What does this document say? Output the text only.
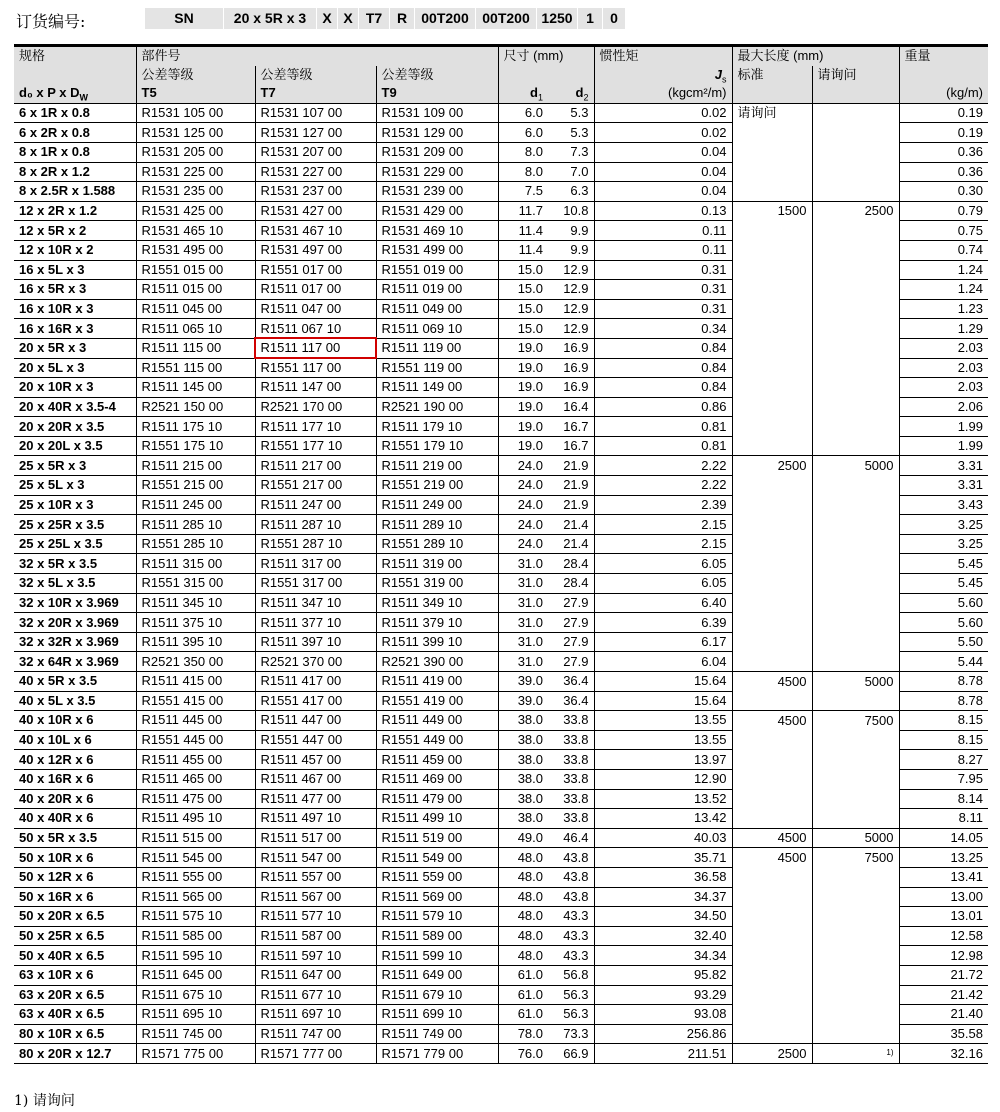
订货编号:	SN	20 x 5R x 3	X X T7	R	00T200 00T200 1250 1	0
规格	部件号			尺寸 (mm)		惯性矩	最大长度 (mm)		重量
	公差等级	公差等级	公差等级			$J_s$	标准	请询问	
d₀ x P x $D_W$	T5	T7	T9	$d_1$	$d_2$	(kgcm²/m)			(kg/m)
6 x 1R x 0.8	R1531 105 00	R1531 107 00	R1531 109 00	6.0	5.3	0.02	请询问		0.19
6 x 2R x 0.8	R1531 125 00	R1531 127 00	R1531 129 00	6.0	5.3	0.02			0.19
8 x 1R x 0.8	R1531 205 00	R1531 207 00	R1531 209 00	8.0	7.3	0.04			0.36
8 x 2R x 1.2	R1531 225 00	R1531 227 00	R1531 229 00	8.0	7.0	0.04			0.36
8 x 2.5R x 1.588	R1531 235 00	R1531 237 00	R1531 239 00	7.5	6.3	0.04			0.30
12 x 2R x 1.2	R1531 425 00	R1531 427 00	R1531 429 00	11.7	10.8	0.13	1500	2500	0.79
12 x 5R x 2	R1531 465 10	R1531 467 10	R1531 469 10	11.4	9.9	0.11			0.75
12 x 10R x 2	R1531 495 00	R1531 497 00	R1531 499 00	11.4	9.9	0.11			0.74
16 x 5L x 3	R1551 015 00	R1551 017 00	R1551 019 00	15.0	12.9	0.31			1.24
16 x 5R x 3	R1511 015 00	R1511 017 00	R1511 019 00	15.0	12.9	0.31			1.24
16 x 10R x 3	R1511 045 00	R1511 047 00	R1511 049 00	15.0	12.9	0.31			1.23
16 x 16R x 3	R1511 065 10	R1511 067 10	R1511 069 10	15.0	12.9	0.34			1.29
20 x 5R x 3	R1511 115 00	R1511 117 00	R1511 119 00	19.0	16.9	0.84			2.03
20 x 5L x 3	R1551 115 00	R1551 117 00	R1551 119 00	19.0	16.9	0.84			2.03
20 x 10R x 3	R1511 145 00	R1511 147 00	R1511 149 00	19.0	16.9	0.84			2.03
20 x 40R x 3.5-4	R2521 150 00	R2521 170 00	R2521 190 00	19.0	16.4	0.86			2.06
20 x 20R x 3.5	R1511 175 10	R1511 177 10	R1511 179 10	19.0	16.7	0.81			1.99
20 x 20L x 3.5	R1551 175 10	R1551 177 10	R1551 179 10	19.0	16.7	0.81			1.99
25 x 5R x 3	R1511 215 00	R1511 217 00	R1511 219 00	24.0	21.9	2.22	2500	5000	3.31
25 x 5L x 3	R1551 215 00	R1551 217 00	R1551 219 00	24.0	21.9	2.22			3.31
25 x 10R x 3	R1511 245 00	R1511 247 00	R1511 249 00	24.0	21.9	2.39			3.43
25 x 25R x 3.5	R1511 285 10	R1511 287 10	R1511 289 10	24.0	21.4	2.15			3.25
25 x 25L x 3.5	R1551 285 10	R1551 287 10	R1551 289 10	24.0	21.4	2.15			3.25
32 x 5R x 3.5	R1511 315 00	R1511 317 00	R1511 319 00	31.0	28.4	6.05			5.45
32 x 5L x 3.5	R1551 315 00	R1551 317 00	R1551 319 00	31.0	28.4	6.05			5.45
32 x 10R x 3.969	R1511 345 10	R1511 347 10	R1511 349 10	31.0	27.9	6.40			5.60
32 x 20R x 3.969	R1511 375 10	R1511 377 10	R1511 379 10	31.0	27.9	6.39			5.60
32 x 32R x 3.969	R1511 395 10	R1511 397 10	R1511 399 10	31.0	27.9	6.17			5.50
32 x 64R x 3.969	R2521 350 00	R2521 370 00	R2521 390 00	31.0	27.9	6.04			5.44
40 x 5R x 3.5	R1511 415 00	R1511 417 00	R1511 419 00	39.0	36.4	15.64	4500	5000	8.78
40 x 5L x 3.5	R1551 415 00	R1551 417 00	R1551 419 00	39.0	36.4	15.64			8.78
40 x 10R x 6	R1511 445 00	R1511 447 00	R1511 449 00	38.0	33.8	13.55	4500	7500	8.15
40 x 10L x 6	R1551 445 00	R1551 447 00	R1551 449 00	38.0	33.8	13.55			8.15
40 x 12R x 6	R1511 455 00	R1511 457 00	R1511 459 00	38.0	33.8	13.97			8.27
40 x 16R x 6	R1511 465 00	R1511 467 00	R1511 469 00	38.0	33.8	12.90			7.95
40 x 20R x 6	R1511 475 00	R1511 477 00	R1511 479 00	38.0	33.8	13.52			8.14
40 x 40R x 6	R1511 495 10	R1511 497 10	R1511 499 10	38.0	33.8	13.42			8.11
50 x 5R x 3.5	R1511 515 00	R1511 517 00	R1511 519 00	49.0	46.4	40.03	4500	5000	14.05
50 x 10R x 6	R1511 545 00	R1511 547 00	R1511 549 00	48.0	43.8	35.71	4500	7500	13.25
50 x 12R x 6	R1511 555 00	R1511 557 00	R1511 559 00	48.0	43.8	36.58			13.41
50 x 16R x 6	R1511 565 00	R1511 567 00	R1511 569 00	48.0	43.8	34.37			13.00
50 x 20R x 6.5	R1511 575 10	R1511 577 10	R1511 579 10	48.0	43.3	34.50			13.01
50 x 25R x 6.5	R1511 585 00	R1511 587 00	R1511 589 00	48.0	43.3	32.40			12.58
50 x 40R x 6.5	R1511 595 10	R1511 597 10	R1511 599 10	48.0	43.3	34.34			12.98
63 x 10R x 6	R1511 645 00	R1511 647 00	R1511 649 00	61.0	56.8	95.82			21.72
63 x 20R x 6.5	R1511 675 10	R1511 677 10	R1511 679 10	61.0	56.3	93.29			21.42
63 x 40R x 6.5	R1511 695 10	R1511 697 10	R1511 699 10	61.0	56.3	93.08			21.40
80 x 10R x 6.5	R1511 745 00	R1511 747 00	R1511 749 00	78.0	73.3	256.86			35.58
80 x 20R x 12.7	R1571 775 00	R1571 777 00	R1571 779 00	76.0	66.9	211.51	2500	1)	32.16
1) 请询问
